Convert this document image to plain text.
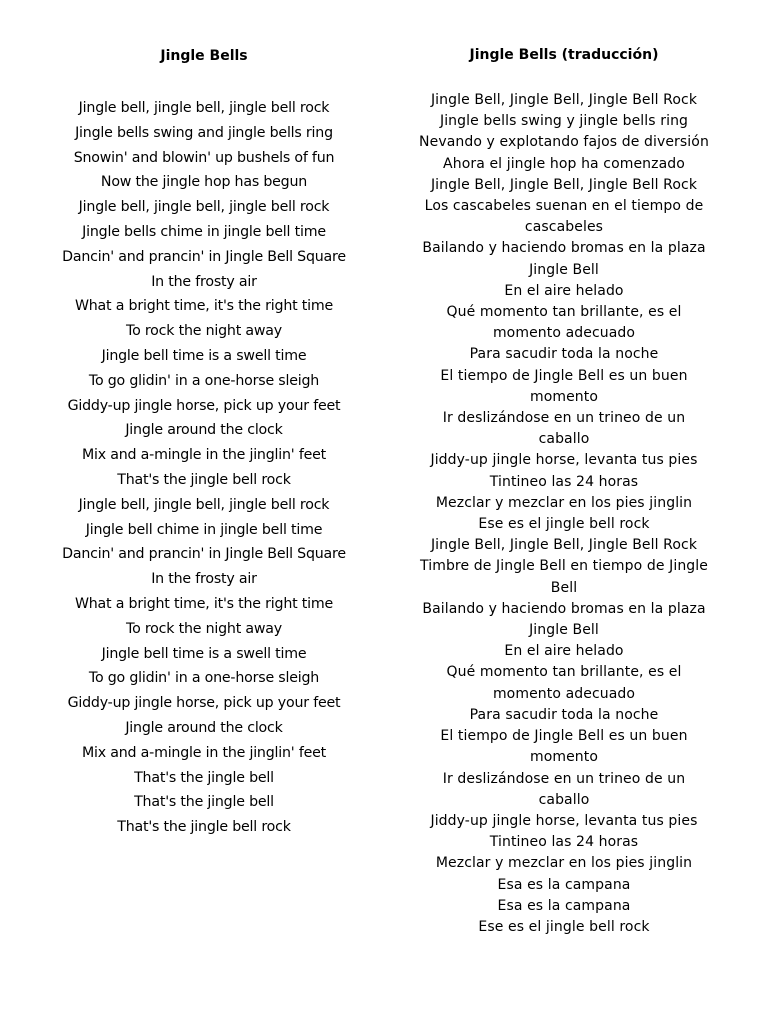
Jingle Bells
Jingle bell, jingle bell, jingle bell rock
Jingle bells swing and jingle bells ring
Snowin' and blowin' up bushels of fun
Now the jingle hop has begun
Jingle bell, jingle bell, jingle bell rock
Jingle bells chime in jingle bell time
Dancin' and prancin' in Jingle Bell Square
In the frosty air
What a bright time, it's the right time
To rock the night away
Jingle bell time is a swell time
To go glidin' in a one-horse sleigh
Giddy-up jingle horse, pick up your feet
Jingle around the clock
Mix and a-mingle in the jinglin' feet
That's the jingle bell rock
Jingle bell, jingle bell, jingle bell rock
Jingle bell chime in jingle bell time
Dancin' and prancin' in Jingle Bell Square
In the frosty air
What a bright time, it's the right time
To rock the night away
Jingle bell time is a swell time
To go glidin' in a one-horse sleigh
Giddy-up jingle horse, pick up your feet
Jingle around the clock
Mix and a-mingle in the jinglin' feet
That's the jingle bell
That's the jingle bell
That's the jingle bell rock
Jingle Bells (traducción)
Jingle Bell, Jingle Bell, Jingle Bell Rock
Jingle bells swing y jingle bells ring
Nevando y explotando fajos de diversión
Ahora el jingle hop ha comenzado
Jingle Bell, Jingle Bell, Jingle Bell Rock
Los cascabeles suenan en el tiempo de
cascabeles
Bailando y haciendo bromas en la plaza
Jingle Bell
En el aire helado
Qué momento tan brillante, es el
momento adecuado
Para sacudir toda la noche
El tiempo de Jingle Bell es un buen
momento
Ir deslizándose en un trineo de un
caballo
Jiddy-up jingle horse, levanta tus pies
Tintineo las 24 horas
Mezclar y mezclar en los pies jinglin
Ese es el jingle bell rock
Jingle Bell, Jingle Bell, Jingle Bell Rock
Timbre de Jingle Bell en tiempo de Jingle
Bell
Bailando y haciendo bromas en la plaza
Jingle Bell
En el aire helado
Qué momento tan brillante, es el
momento adecuado
Para sacudir toda la noche
El tiempo de Jingle Bell es un buen
momento
Ir deslizándose en un trineo de un
caballo
Jiddy-up jingle horse, levanta tus pies
Tintineo las 24 horas
Mezclar y mezclar en los pies jinglin
Esa es la campana
Esa es la campana
Ese es el jingle bell rock
